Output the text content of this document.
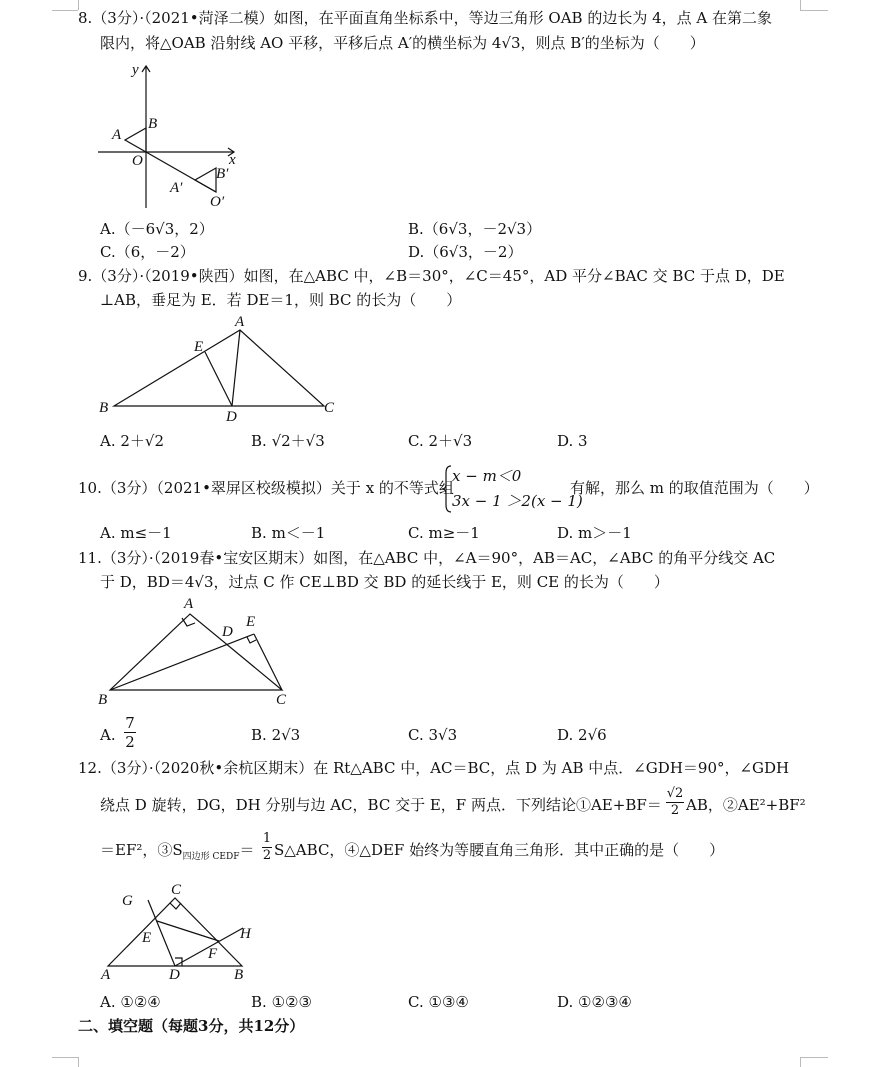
8.（3分）·（2021•菏泽二模）如图，在平面直角坐标系中，等边三角形 OAB 的边长为 4，点 A 在第二象
限内，将△OAB 沿射线 AO 平移，平移后点 A′的横坐标为 4√3，则点 B′的坐标为（　　）
y
x
A
B
O
A′
B′
O′
A.（－6√3，2）	B.（6√3，－2√3）
C.（6，－2）	D.（6√3，－2）
9.（3分）·（2019•陕西）如图，在△ABC 中，∠B＝30°，∠C＝45°，AD 平分∠BAC 交 BC 于点 D，DE
⊥AB，垂足为 E．若 DE＝1，则 BC 的长为（　　）
A
E
B
D
C
A. 2＋√2	B. √2＋√3	C. 2＋√3	D. 3
10.（3分）（2021•翠屏区校级模拟）关于 x 的不等式组
x − m＜0
3x − 1 ＞2(x − 1)
有解，那么 m 的取值范围为（　　）
A. m≤－1	B. m＜－1	C. m≥－1	D. m＞－1
11.（3分）·（2019春•宝安区期末）如图，在△ABC 中，∠A＝90°，AB＝AC，∠ABC 的角平分线交 AC
于 D，BD＝4√3，过点 C 作 CE⊥BD 交 BD 的延长线于 E，则 CE 的长为（　　）
A
E
D
B	C
A.
7
2	B. 2√3	C. 3√3	D. 2√6
12.（3分）·（2020秋•余杭区期末）在 Rt△ABC 中，AC＝BC，点 D 为 AB 中点．∠GDH＝90°，∠GDH
绕点 D 旋转，DG，DH 分别与边 AC，BC 交于 E，F 两点．下列结论①AE+BF＝
√2
2 AB，②AE²+BF²
＝EF²，$③S_{四边形 CEDF}=$
1
2 S△ABC，④△DEF 始终为等腰直角三角形．其中正确的是（　　）
G
C
E	H
F
A	D	B
A. ①②④	B. ①②③	C. ①③④	D. ①②③④
二、填空题（每题3分，共12分）
